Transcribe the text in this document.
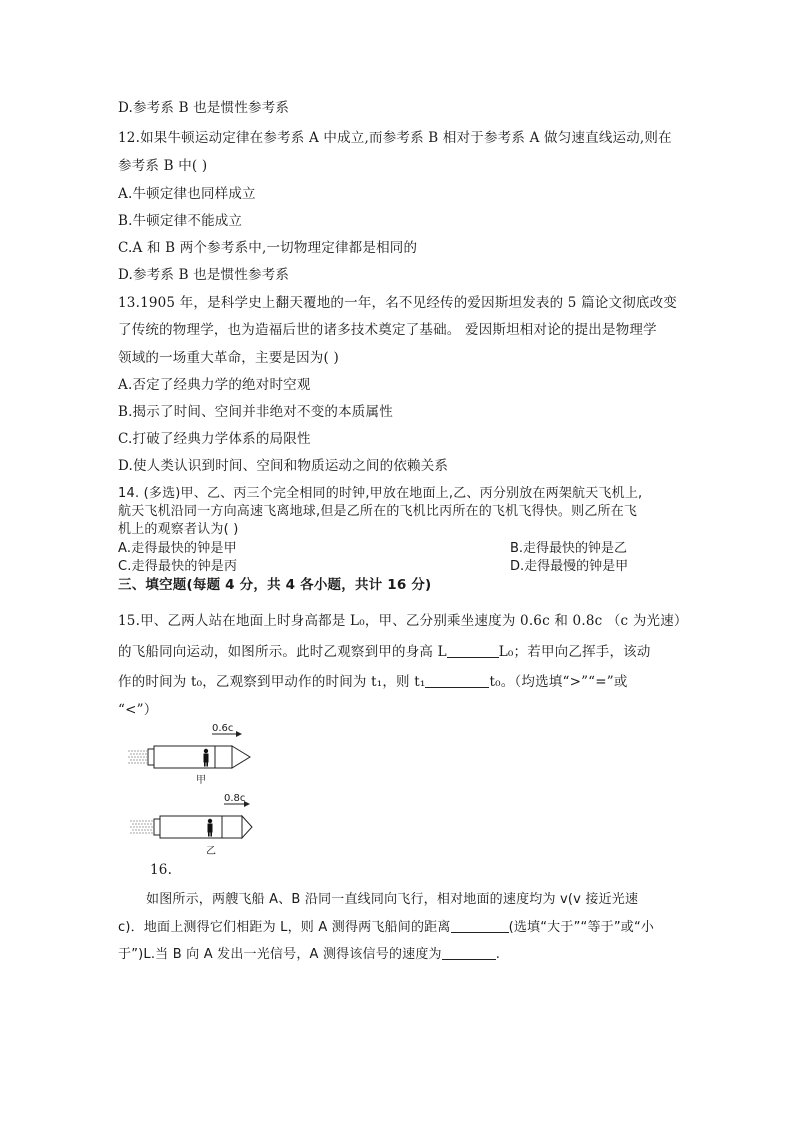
D.参考系 B 也是惯性参考系
12.如果牛顿运动定律在参考系 A 中成立,而参考系 B 相对于参考系 A 做匀速直线运动,则在
参考系 B 中( )
A.牛顿定律也同样成立
B.牛顿定律不能成立
C.A 和 B 两个参考系中,一切物理定律都是相同的
D.参考系 B 也是惯性参考系
13.1905 年，是科学史上翻天覆地的一年，名不见经传的爱因斯坦发表的 5 篇论文彻底改变
了传统的物理学，也为造福后世的诸多技术奠定了基础。 爱因斯坦相对论的提出是物理学
领域的一场重大革命，主要是因为( )
A.否定了经典力学的绝对时空观
B.揭示了时间、空间并非绝对不变的本质属性
C.打破了经典力学体系的局限性
D.使人类认识到时间、空间和物质运动之间的依赖关系
14. (多选)甲、乙、丙三个完全相同的时钟,甲放在地面上,乙、丙分别放在两架航天飞机上,
航天飞机沿同一方向高速飞离地球,但是乙所在的飞机比丙所在的飞机飞得快。则乙所在飞
机上的观察者认为( )
A.走得最快的钟是甲	B.走得最快的钟是乙
C.走得最快的钟是丙	D.走得最慢的钟是甲
三、填空题(每题 4 分，共 4 各小题，共计 16 分)
15.甲、乙两人站在地面上时身高都是 L₀，甲、乙分别乘坐速度为 0.6c 和 0.8c （c 为光速）
的飞船同向运动，如图所示。此时乙观察到甲的身高 L	L₀；若甲向乙挥手，该动
作的时间为 t₀，乙观察到甲动作的时间为 t₁，则 t₁	t₀。（均选填“>”“=”或
“<”）
0.6c
甲
0.8c
乙
16.
如图所示，两艘飞船 A、B 沿同一直线同向飞行，相对地面的速度均为 v(v 接近光速
c)．地面上测得它们相距为 L，则 A 测得两飞船间的距离	(选填“大于”“等于”或“小
于”)L.当 B 向 A 发出一光信号，A 测得该信号的速度为	.
